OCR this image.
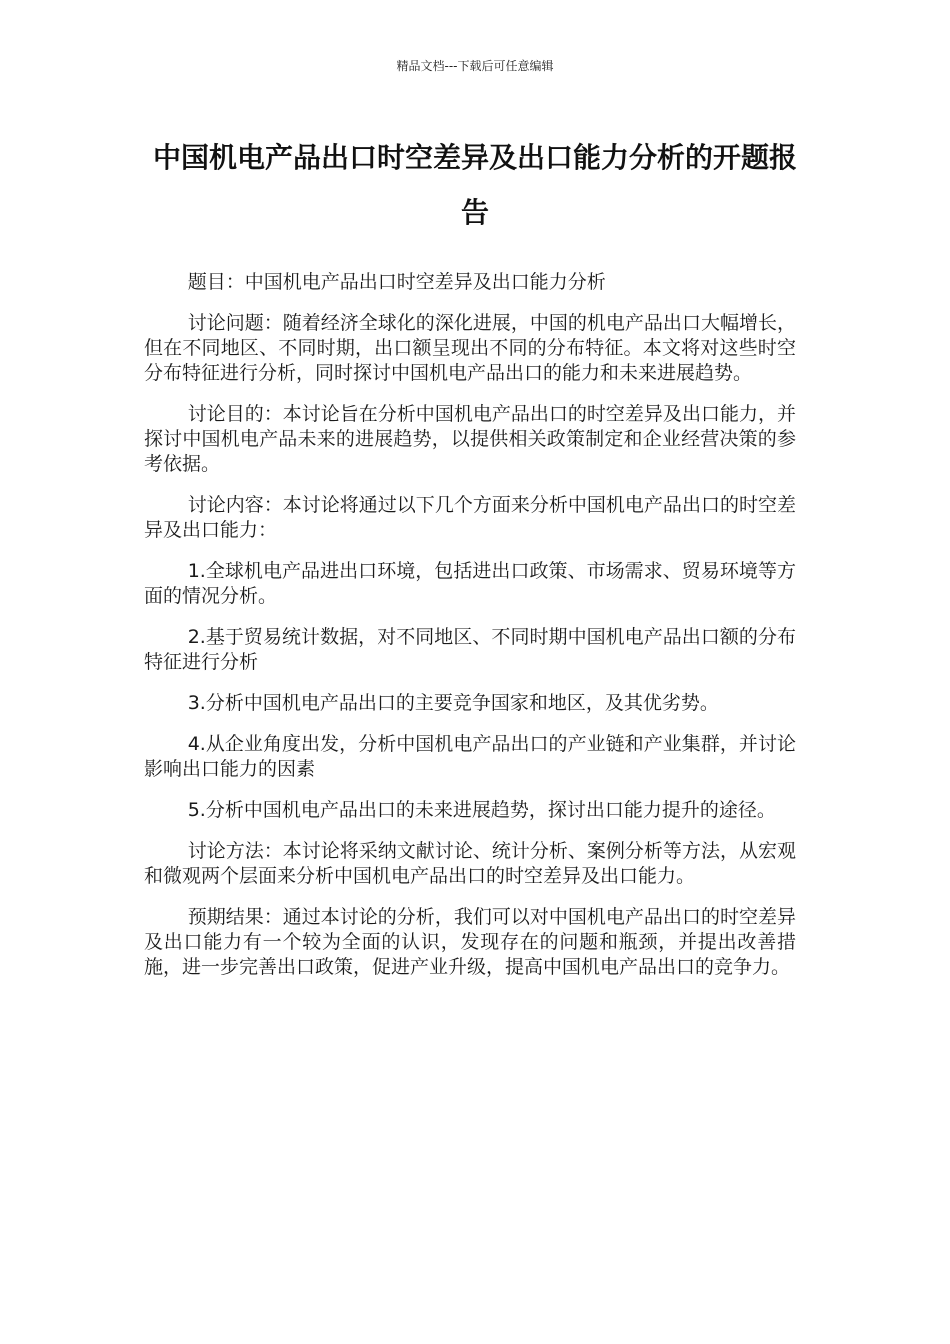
精品文档---下载后可任意编辑
中国机电产品出口时空差异及出口能力分析的开题报告

题目：中国机电产品出口时空差异及出口能力分析

讨论问题：随着经济全球化的深化进展，中国的机电产品出口大幅增长，但在不同地区、不同时期，出口额呈现出不同的分布特征。本文将对这些时空分布特征进行分析，同时探讨中国机电产品出口的能力和未来进展趋势。

讨论目的：本讨论旨在分析中国机电产品出口的时空差异及出口能力，并探讨中国机电产品未来的进展趋势，以提供相关政策制定和企业经营决策的参考依据。

讨论内容：本讨论将通过以下几个方面来分析中国机电产品出口的时空差异及出口能力：

1.全球机电产品进出口环境，包括进出口政策、市场需求、贸易环境等方面的情况分析。

2.基于贸易统计数据，对不同地区、不同时期中国机电产品出口额的分布特征进行分析

3.分析中国机电产品出口的主要竞争国家和地区，及其优劣势。

4.从企业角度出发，分析中国机电产品出口的产业链和产业集群，并讨论影响出口能力的因素

5.分析中国机电产品出口的未来进展趋势，探讨出口能力提升的途径。

讨论方法：本讨论将采纳文献讨论、统计分析、案例分析等方法，从宏观和微观两个层面来分析中国机电产品出口的时空差异及出口能力。

预期结果：通过本讨论的分析，我们可以对中国机电产品出口的时空差异及出口能力有一个较为全面的认识，发现存在的问题和瓶颈，并提出改善措施，进一步完善出口政策，促进产业升级，提高中国机电产品出口的竞争力。
